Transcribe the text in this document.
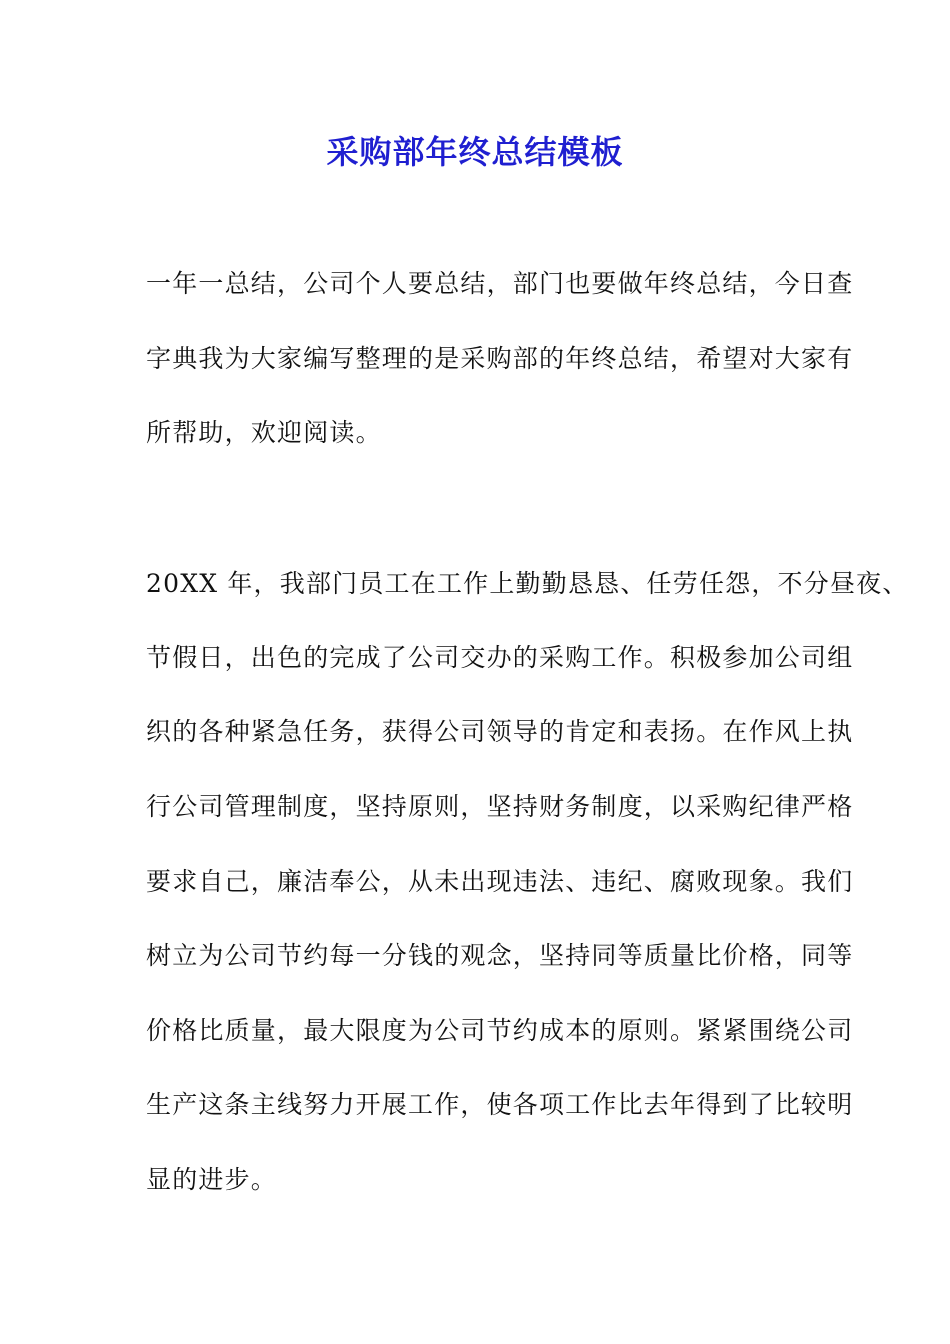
采购部年终总结模板

一年一总结，公司个人要总结，部门也要做年终总结，今日查

字典我为大家编写整理的是采购部的年终总结，希望对大家有

所帮助，欢迎阅读。

20XX 年，我部门员工在工作上勤勤恳恳、任劳任怨，不分昼夜、

节假日，出色的完成了公司交办的采购工作。积极参加公司组

织的各种紧急任务，获得公司领导的肯定和表扬。在作风上执

行公司管理制度，坚持原则，坚持财务制度，以采购纪律严格

要求自己，廉洁奉公，从未出现违法、违纪、腐败现象。我们

树立为公司节约每一分钱的观念，坚持同等质量比价格，同等

价格比质量，最大限度为公司节约成本的原则。紧紧围绕公司

生产这条主线努力开展工作，使各项工作比去年得到了比较明

显的进步。
